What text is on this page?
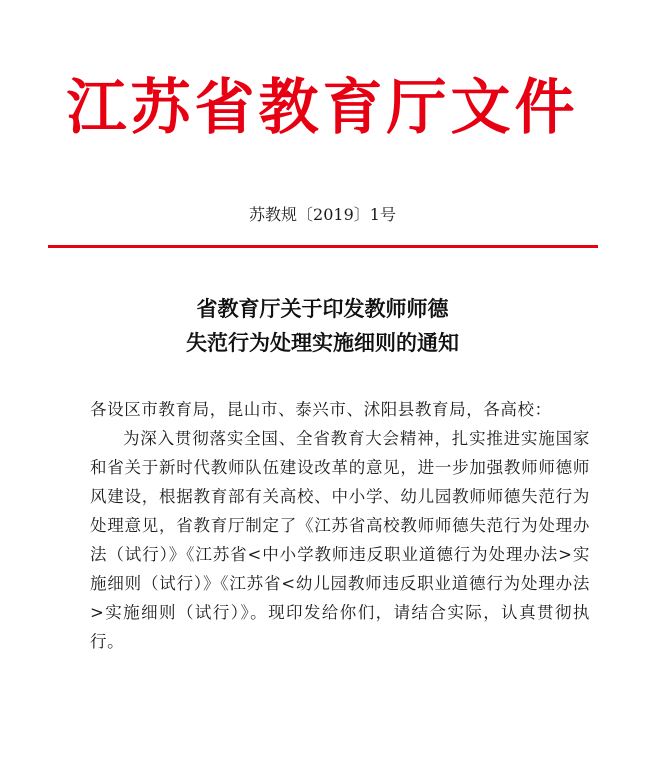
江苏省教育厅文件
苏教规〔2019〕1号
省教育厅关于印发教师师德
失范行为处理实施细则的通知

各设区市教育局，昆山市、泰兴市、沭阳县教育局，各高校：

为深入贯彻落实全国、全省教育大会精神，扎实推进实施国家和省关于新时代教师队伍建设改革的意见，进一步加强教师师德师风建设，根据教育部有关高校、中小学、幼儿园教师师德失范行为处理意见，省教育厅制定了《江苏省高校教师师德失范行为处理办法（试行）》《江苏省<中小学教师违反职业道德行为处理办法>实施细则（试行）》《江苏省<幼儿园教师违反职业道德行为处理办法>实施细则（试行）》。现印发给你们，请结合实际，认真贯彻执行。
